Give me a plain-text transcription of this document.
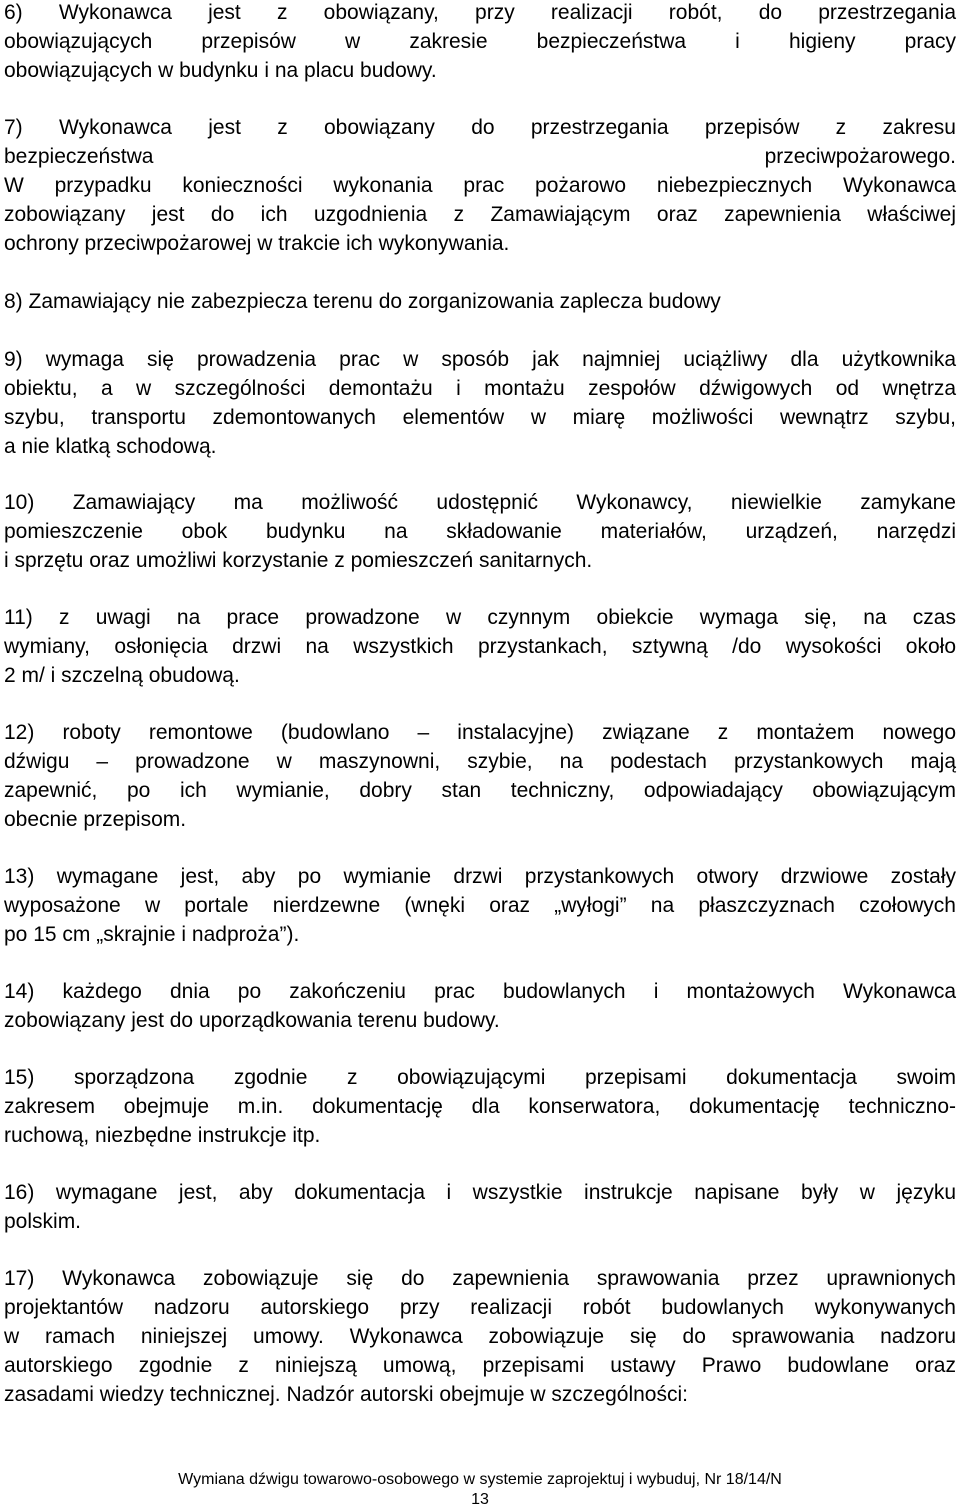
6) Wykonawca jest z obowiązany, przy realizacji robót, do przestrzegania
obowiązujących przepisów w zakresie bezpieczeństwa i higieny pracy
obowiązujących w budynku i na placu budowy.
7) Wykonawca jest z obowiązany do przestrzegania przepisów z zakresu
bezpieczeństwa przeciwpożarowego.
W przypadku konieczności wykonania prac pożarowo niebezpiecznych Wykonawca
zobowiązany jest do ich uzgodnienia z Zamawiającym oraz zapewnienia właściwej
ochrony przeciwpożarowej w trakcie ich wykonywania.
8) Zamawiający nie zabezpiecza terenu do zorganizowania zaplecza budowy
9) wymaga się prowadzenia prac w sposób jak najmniej uciążliwy dla użytkownika
obiektu, a w szczególności demontażu i montażu zespołów dźwigowych od wnętrza
szybu, transportu zdemontowanych elementów w miarę możliwości wewnątrz szybu,
a nie klatką schodową.
10) Zamawiający ma możliwość udostępnić Wykonawcy, niewielkie zamykane
pomieszczenie obok budynku na składowanie materiałów, urządzeń, narzędzi
i sprzętu oraz umożliwi korzystanie z pomieszczeń sanitarnych.
11) z uwagi na prace prowadzone w czynnym obiekcie wymaga się, na czas
wymiany, osłonięcia drzwi na wszystkich przystankach, sztywną /do wysokości około
2 m/ i szczelną obudową.
12) roboty remontowe (budowlano – instalacyjne) związane z montażem nowego
dźwigu – prowadzone w maszynowni, szybie, na podestach przystankowych mają
zapewnić, po ich wymianie, dobry stan techniczny, odpowiadający obowiązującym
obecnie przepisom.
13) wymagane jest, aby po wymianie drzwi przystankowych otwory drzwiowe zostały
wyposażone w portale nierdzewne (wnęki oraz „wyłogi” na płaszczyznach czołowych
po 15 cm „skrajnie i nadproża”).
14) każdego dnia po zakończeniu prac budowlanych i montażowych Wykonawca
zobowiązany jest do uporządkowania terenu budowy.
15) sporządzona zgodnie z obowiązującymi przepisami dokumentacja swoim
zakresem obejmuje m.in. dokumentację dla konserwatora, dokumentację techniczno-
ruchową, niezbędne instrukcje itp.
16) wymagane jest, aby dokumentacja i wszystkie instrukcje napisane były w języku
polskim.
17) Wykonawca zobowiązuje się do zapewnienia sprawowania przez uprawnionych
projektantów nadzoru autorskiego przy realizacji robót budowlanych wykonywanych
w ramach niniejszej umowy. Wykonawca zobowiązuje się do sprawowania nadzoru
autorskiego zgodnie z niniejszą umową, przepisami ustawy Prawo budowlane oraz
zasadami wiedzy technicznej. Nadzór autorski obejmuje w szczególności:
Wymiana dźwigu towarowo-osobowego w systemie zaprojektuj i wybuduj, Nr 18/14/N
13
